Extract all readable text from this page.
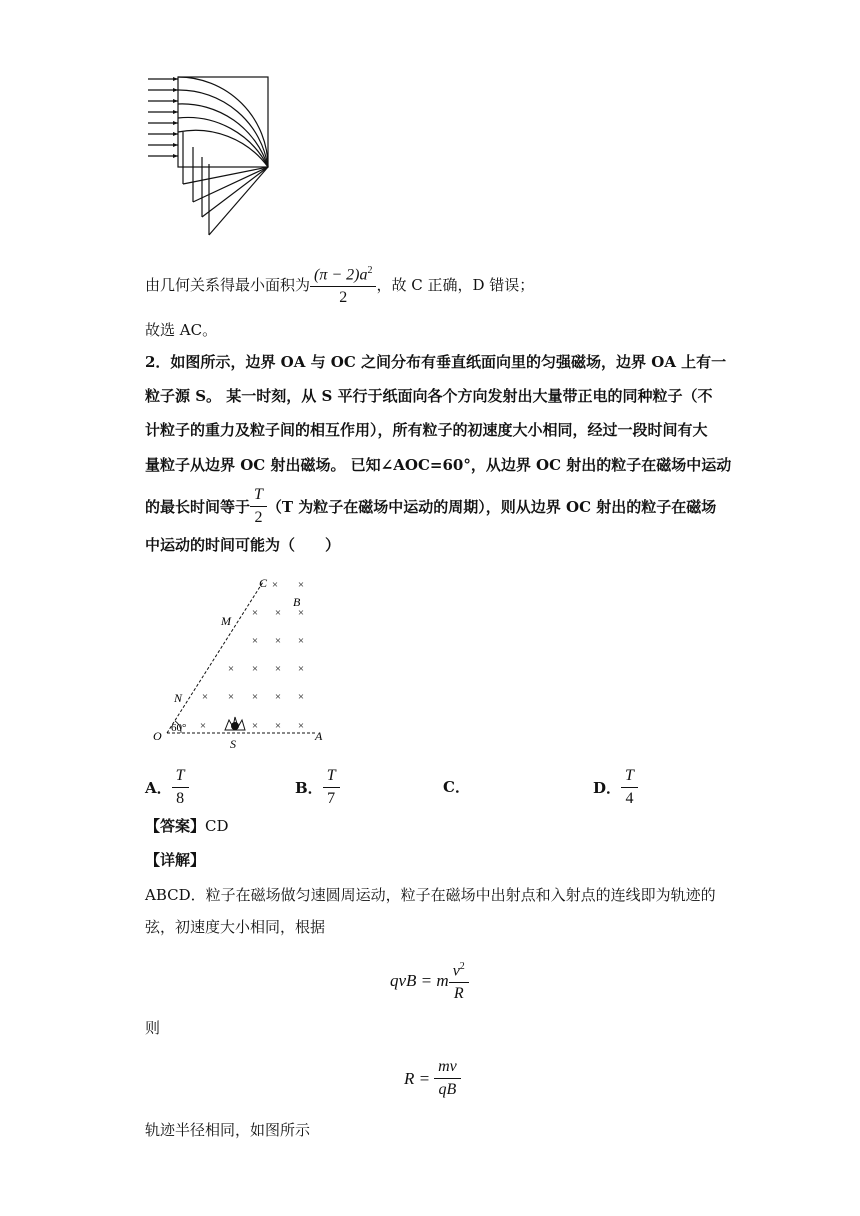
由几何关系得最小面积为 $\frac{(\pi - 2)a^2}{2}$ ，故 C 正确，D 错误；
故选 AC。
2．如图所示，边界 OA 与 OC 之间分布有垂直纸面向里的匀强磁场，边界 OA 上有一
粒子源 S。 某一时刻，从 S 平行于纸面向各个方向发射出大量带正电的同种粒子（不
计粒子的重力及粒子间的相互作用），所有粒子的初速度大小相同，经过一段时间有大
量粒子从边界 OC 射出磁场。 已知∠AOC=60°，从边界 OC 射出的粒子在磁场中运动
的最长时间等于 $\frac{T}{2} (T$ 为粒子在磁场中运动的周期），则从边界 OC 射出的粒子在磁场
中运动的时间可能为（　　）
× ×
× × ×
× × ×
× × × ×
× × × × ×
×	× × ×
C
B
M
N
O
S
A
60°
A． $\frac{T}{8}$	B． $\frac{T}{7}$	C．	D． $\frac{T}{4}$
【答案】CD
【详解】
ABCD．粒子在磁场做匀速圆周运动，粒子在磁场中出射点和入射点的连线即为轨迹的
弦，初速度大小相同，根据
qvB = m $\frac{v^2}{R}$
则
$R = \frac{mv}{qB}$
轨迹半径相同，如图所示
